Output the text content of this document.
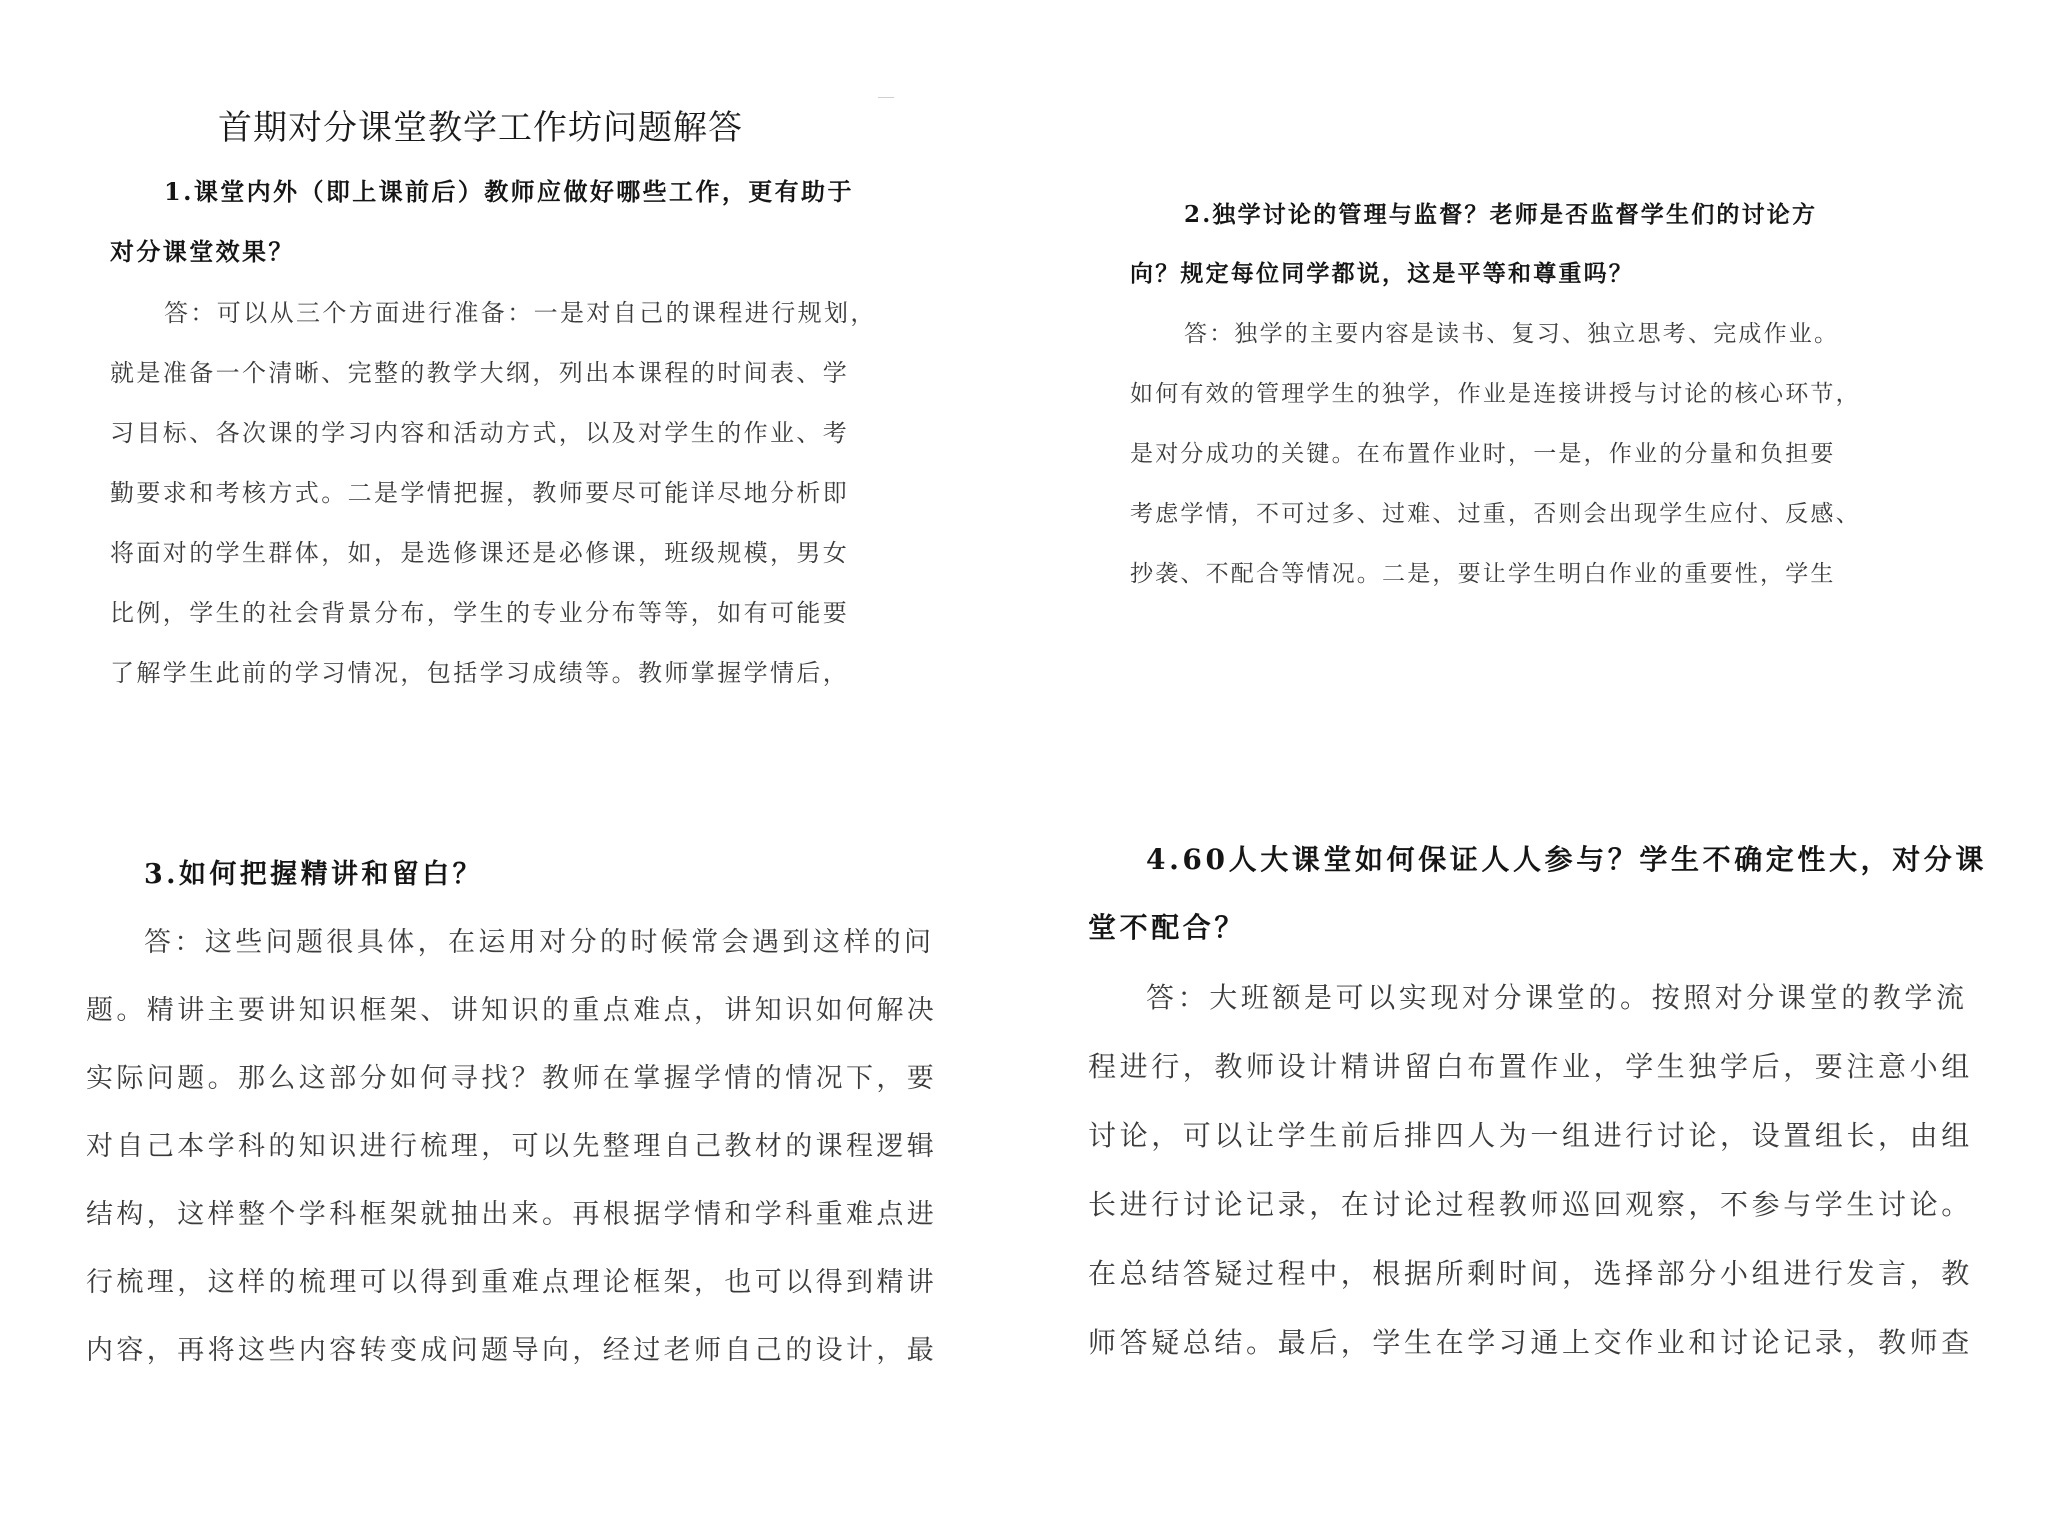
首期对分课堂教学工作坊问题解答
1.课堂内外（即上课前后）教师应做好哪些工作，更有助于
对分课堂效果？
答：可以从三个方面进行准备：一是对自己的课程进行规划，
就是准备一个清晰、完整的教学大纲，列出本课程的时间表、学
习目标、各次课的学习内容和活动方式，以及对学生的作业、考
勤要求和考核方式。二是学情把握，教师要尽可能详尽地分析即
将面对的学生群体，如，是选修课还是必修课，班级规模，男女
比例，学生的社会背景分布，学生的专业分布等等，如有可能要
了解学生此前的学习情况，包括学习成绩等。教师掌握学情后，
2.独学讨论的管理与监督？老师是否监督学生们的讨论方
向？规定每位同学都说，这是平等和尊重吗？
答：独学的主要内容是读书、复习、独立思考、完成作业。
如何有效的管理学生的独学，作业是连接讲授与讨论的核心环节，
是对分成功的关键。在布置作业时，一是，作业的分量和负担要
考虑学情，不可过多、过难、过重，否则会出现学生应付、反感、
抄袭、不配合等情况。二是，要让学生明白作业的重要性，学生
3.如何把握精讲和留白？
答：这些问题很具体，在运用对分的时候常会遇到这样的问
题。精讲主要讲知识框架、讲知识的重点难点，讲知识如何解决
实际问题。那么这部分如何寻找？教师在掌握学情的情况下，要
对自己本学科的知识进行梳理，可以先整理自己教材的课程逻辑
结构，这样整个学科框架就抽出来。再根据学情和学科重难点进
行梳理，这样的梳理可以得到重难点理论框架，也可以得到精讲
内容，再将这些内容转变成问题导向，经过老师自己的设计，最
4.60人大课堂如何保证人人参与？学生不确定性大，对分课
堂不配合？
答：大班额是可以实现对分课堂的。按照对分课堂的教学流
程进行，教师设计精讲留白布置作业，学生独学后，要注意小组
讨论，可以让学生前后排四人为一组进行讨论，设置组长，由组
长进行讨论记录，在讨论过程教师巡回观察，不参与学生讨论。
在总结答疑过程中，根据所剩时间，选择部分小组进行发言，教
师答疑总结。最后，学生在学习通上交作业和讨论记录，教师查
